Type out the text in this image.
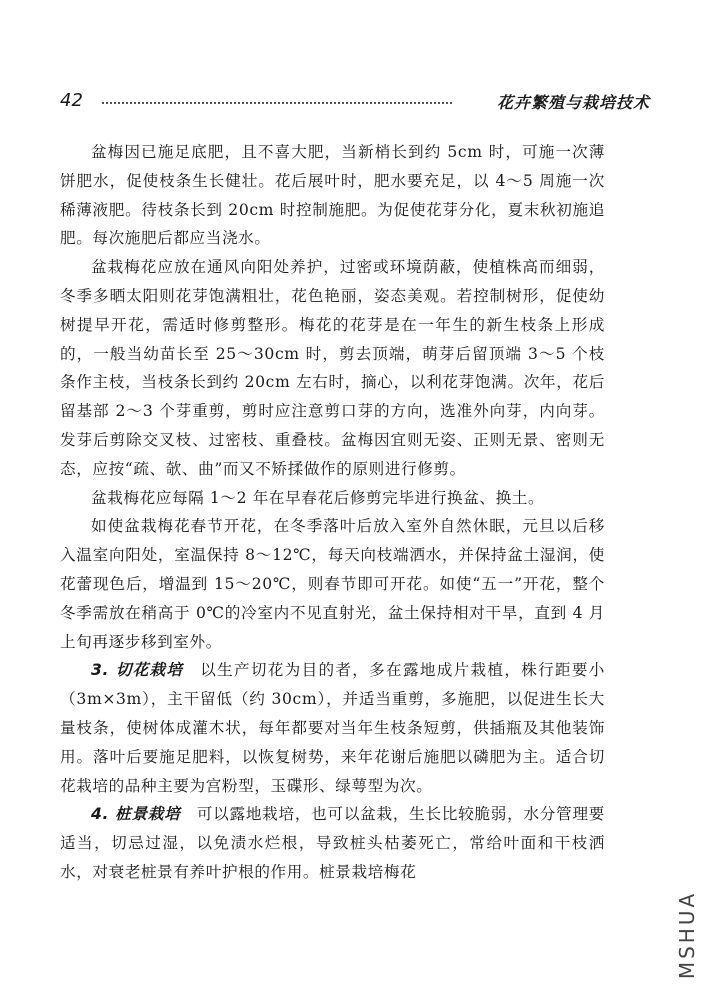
42	花卉繁殖与栽培技术

盆梅因已施足底肥，且不喜大肥，当新梢长到约 5cm 时，可施一次薄饼肥水，促使枝条生长健壮。花后展叶时，肥水要充足，以 4～5 周施一次稀薄液肥。待枝条长到 20cm 时控制施肥。为促使花芽分化，夏末秋初施追肥。每次施肥后都应当浇水。

盆栽梅花应放在通风向阳处养护，过密或环境荫蔽，使植株高而细弱，冬季多晒太阳则花芽饱满粗壮，花色艳丽，姿态美观。若控制树形，促使幼树提早开花，需适时修剪整形。梅花的花芽是在一年生的新生枝条上形成的，一般当幼苗长至 25～30cm 时，剪去顶端，萌芽后留顶端 3～5 个枝条作主枝，当枝条长到约 20cm 左右时，摘心，以利花芽饱满。次年，花后留基部 2～3 个芽重剪，剪时应注意剪口芽的方向，选准外向芽，内向芽。发芽后剪除交叉枝、过密枝、重叠枝。盆梅因宜则无姿、正则无景、密则无态，应按“疏、欹、曲”而又不矫揉做作的原则进行修剪。

盆栽梅花应每隔 1～2 年在早春花后修剪完毕进行换盆、换土。

如使盆栽梅花春节开花，在冬季落叶后放入室外自然休眠，元旦以后移入温室向阳处，室温保持 8～12℃，每天向枝端洒水，并保持盆土湿润，使花蕾现色后，增温到 15～20℃，则春节即可开花。如使“五一”开花，整个冬季需放在稍高于 0℃的冷室内不见直射光，盆土保持相对干旱，直到 4 月上旬再逐步移到室外。

3. 切花栽培　 以生产切花为目的者，多在露地成片栽植，株行距要小（3m×3m），主干留低（约 30cm），并适当重剪，多施肥，以促进生长大量枝条，使树体成灌木状，每年都要对当年生枝条短剪，供插瓶及其他装饰用。落叶后要施足肥料，以恢复树势，来年花谢后施肥以磷肥为主。适合切花栽培的品种主要为宫粉型，玉碟形、绿萼型为次。

4. 桩景栽培　 可以露地栽培，也可以盆栽，生长比较脆弱，水分管理要适当，切忌过湿，以免渍水烂根，导致桩头枯萎死亡，常给叶面和干枝洒水，对衰老桩景有养叶护根的作用。桩景栽培梅花

MSHUA
